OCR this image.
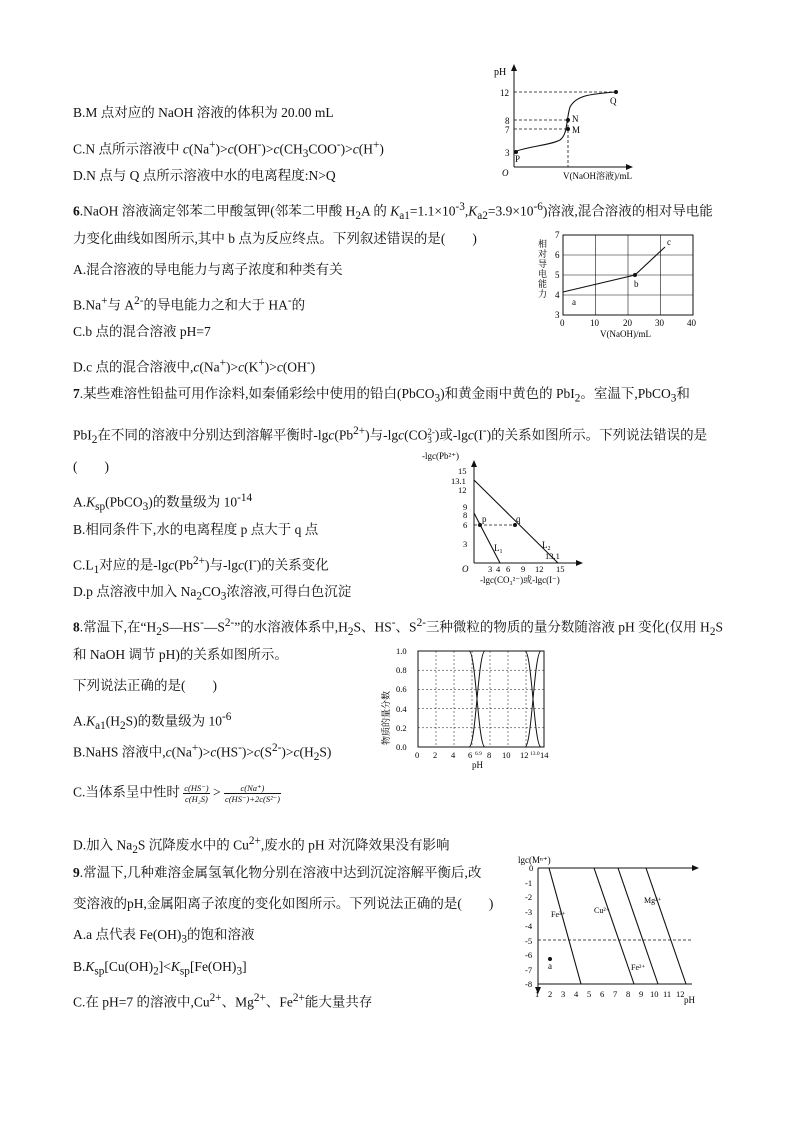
B.M 点对应的 NaOH 溶液的体积为 20.00 mL
C.N 点所示溶液中 $c(Na^+)>c(OH^-)>c(CH_3COO^-)>c(H^+)$
D.N 点与 Q 点所示溶液中水的电离程度:N>Q
pH
12
8
7
3
P
M
N
Q
O	V(NaOH溶液)/mL
6.NaOH 溶液滴定邻苯二甲酸氢钾(邻苯二甲酸 $H_2A$ 的 $K_{a1}=1.1\times 10^{-3},K_{a2}=3.9\times 10^{-6}$)溶液,混合溶液的相对导电能
力变化曲线如图所示,其中 b 点为反应终点。下列叙述错误的是(　　)
A.混合溶液的导电能力与离子浓度和种类有关
B.Na+与 $A^{2-}$的导电能力之和大于 HA-的
C.b 点的混合溶液 pH=7
D.c 点的混合溶液中,c(Na+)>c(K+)>c(OH-)
相
对
导
电
能
力
7
6
5
4
3
0	10	20	30	40
V(NaOH)/mL
a
b
c
7.某些难溶性铅盐可用作涂料,如秦俑彩绘中使用的铅白(PbCO$_3$)和黄金雨中黄色的 PbI$_2$。室温下,PbCO$_3$和
PbI$_2$在不同的溶液中分别达到溶解平衡时$-\lg c(Pb^{2+})$与-lgc(CO 2-
3 )或-lgc(I-)的关系如图所示。下列说法错误的是
(　　)
$A.K_{sp}(PbCO_3)$的数量级为 $10^{-14}$
B.相同条件下,水的电离程度 p 点大于 q 点
$C.L_1$对应的是$-\lg c(Pb^{2+})$与-lgc(I-)的关系变化
D.p 点溶液中加入 $Na_2CO_3$浓溶液,可得白色沉淀
-lgc(Pb²⁺)
15
13.1
12
9
8
6
3
O 3 4 6 9 12 15
-lgc(CO₃²⁻)或-lgc(I⁻)
p	q
$L_1$
$L_2$
13.1
8.常温下,在“$H_2S—HS^-—S^{2-}$”的水溶液体系中$,H_2S$、HS-、$S^{2-}$三种微粒的物质的量分数随溶液 pH 变化(仅用 $H_2S$
和 NaOH 调节 pH)的关系如图所示。
下列说法正确的是(　　)
$A.K_{a1}(H_2S)$的数量级为 $10^{-6}$
B.NaHS 溶液中$,c(Na^+)>c(HS^-)>c(S^{2-})>c(H_2S)$
C.当体系呈中性时 $\frac{c(HS^-)}{\text{c(H₂S)}} > \frac{c(Na^+)}{\text{c(HS⁻)+2c(S²⁻)}}$
D.加入 $Na_2S$ 沉降废水中的 $Cu^{2+}$,废水的 pH 对沉降效果没有影响
物质的量分数
1.0
0.8
0.6
0.4
0.2
0.0
0 2 4 6 6.9 8 10 12 13.0 14
pH
9.常温下,几种难溶金属氢氧化物分别在溶液中达到沉淀溶解平衡后,改
变溶液的pH,金属阳离子浓度的变化如图所示。下列说法正确的是(　　)
A.a 点代表 $Fe(OH)_3$的饱和溶液
$B.K_{sp}[Cu(OH)_2]<K_{sp}[Fe(OH)_3]$
C.在 pH=7 的溶液中$,Cu^{2+}$、$Mg^{2+}$、$Fe^{2+}$能大量共存
lgc(Mⁿ⁺)
0
-1
-2
-3
-4
-5
-6
-7
-8
1 2 3 4 5 6 7 8 9 10 11 12
pH
Fe³⁺	Cu²⁺
Mg²⁺
Fe²⁺
a
